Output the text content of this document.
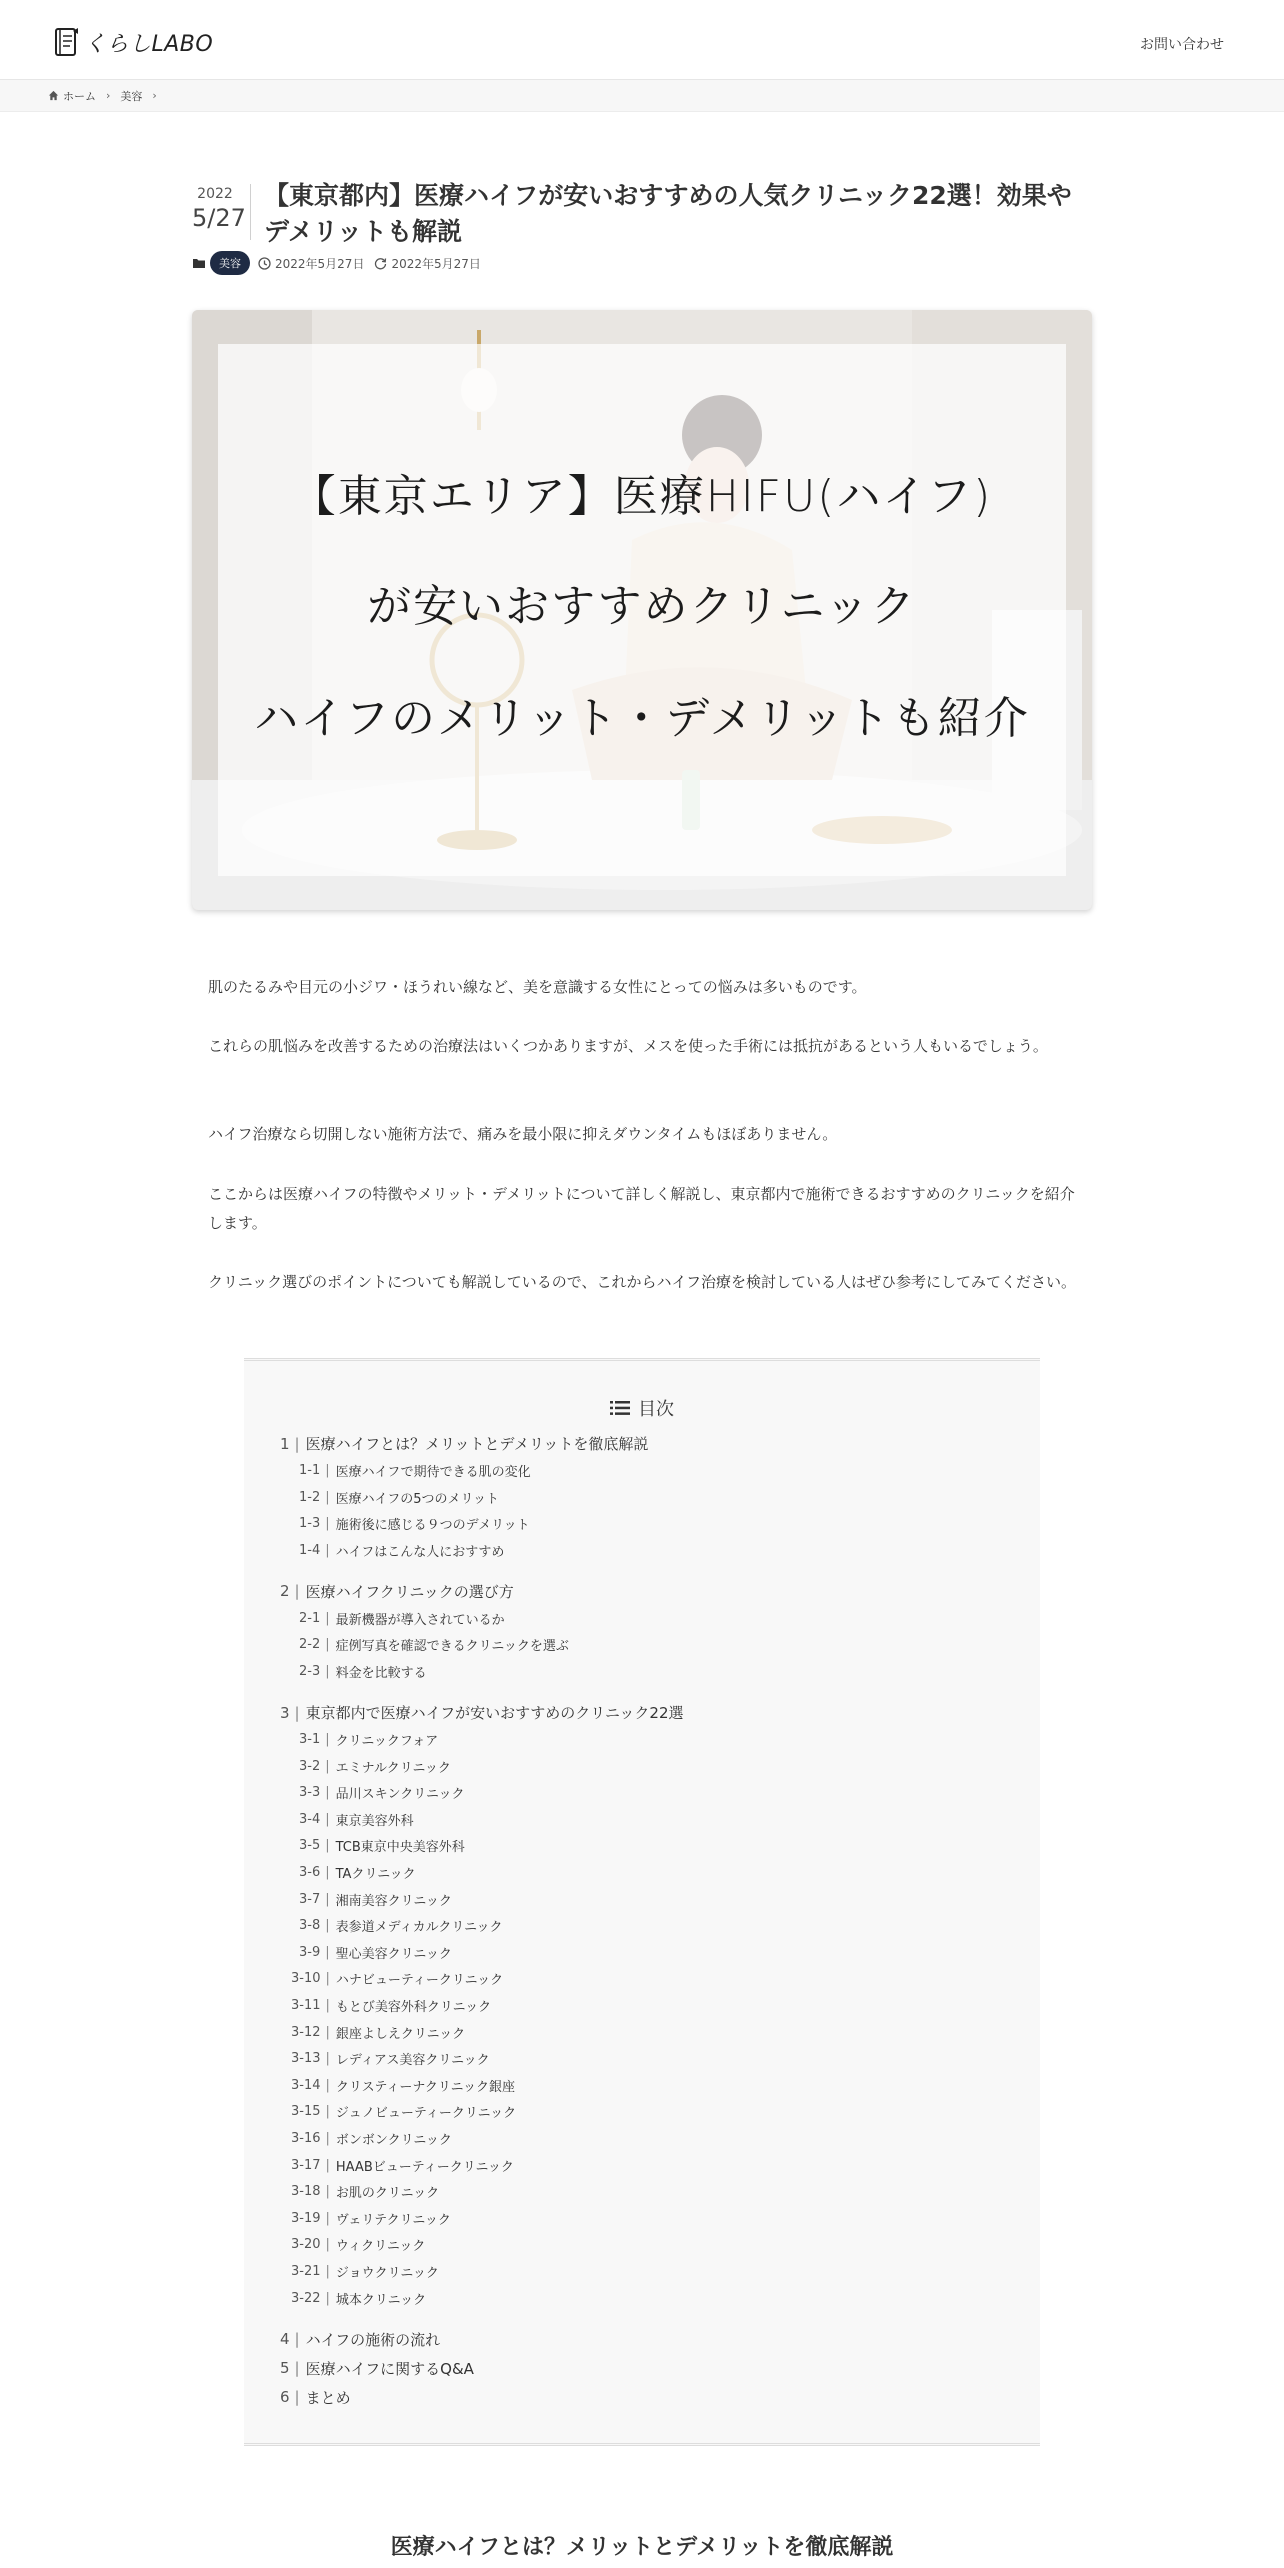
くらしLABO	お問い合わせ
ホーム › 美容 ›
2022
5/27
【東京都内】医療ハイフが安いおすすめの人気クリニック22選！効果やデメリットも解説
美容	2022年5月27日 2022年5月27日
【東京エリア】医療HIFU(ハイフ)
が安いおすすめクリニック
ハイフのメリット・デメリットも紹介

肌のたるみや目元の小ジワ・ほうれい線など、美を意識する女性にとっての悩みは多いものです。

これらの肌悩みを改善するための治療法はいくつかありますが、メスを使った手術には抵抗があるという人もいるでしょう。

ハイフ治療なら切開しない施術方法で、痛みを最小限に抑えダウンタイムもほぼありません。

ここからは医療ハイフの特徴やメリット・デメリットについて詳しく解説し、東京都内で施術できるおすすめのクリニックを紹介します。

クリニック選びのポイントについても解説しているので、これからハイフ治療を検討している人はぜひ参考にしてみてください。

目次
1 | 医療ハイフとは？メリットとデメリットを徹底解説
1-1 | 医療ハイフで期待できる肌の変化
1-2 | 医療ハイフの5つのメリット
1-3 | 施術後に感じる９つのデメリット
1-4 | ハイフはこんな人におすすめ
2 | 医療ハイフクリニックの選び方
2-1 | 最新機器が導入されているか
2-2 | 症例写真を確認できるクリニックを選ぶ
2-3 | 料金を比較する
3 | 東京都内で医療ハイフが安いおすすめのクリニック22選
3-1 | クリニックフォア
3-2 | エミナルクリニック
3-3 | 品川スキンクリニック
3-4 | 東京美容外科
3-5 | TCB東京中央美容外科
3-6 | TAクリニック
3-7 | 湘南美容クリニック
3-8 | 表参道メディカルクリニック
3-9 | 聖心美容クリニック
3-10 | ハナビューティークリニック
3-11 | もとび美容外科クリニック
3-12 | 銀座よしえクリニック
3-13 | レディアス美容クリニック
3-14 | クリスティーナクリニック銀座
3-15 | ジュノビューティークリニック
3-16 | ボンボンクリニック
3-17 | HAABビューティークリニック
3-18 | お肌のクリニック
3-19 | ヴェリテクリニック
3-20 | ウィクリニック
3-21 | ジョウクリニック
3-22 | 城本クリニック
4 | ハイフの施術の流れ
5 | 医療ハイフに関するQ&A
6 | まとめ
医療ハイフとは？メリットとデメリットを徹底解説
